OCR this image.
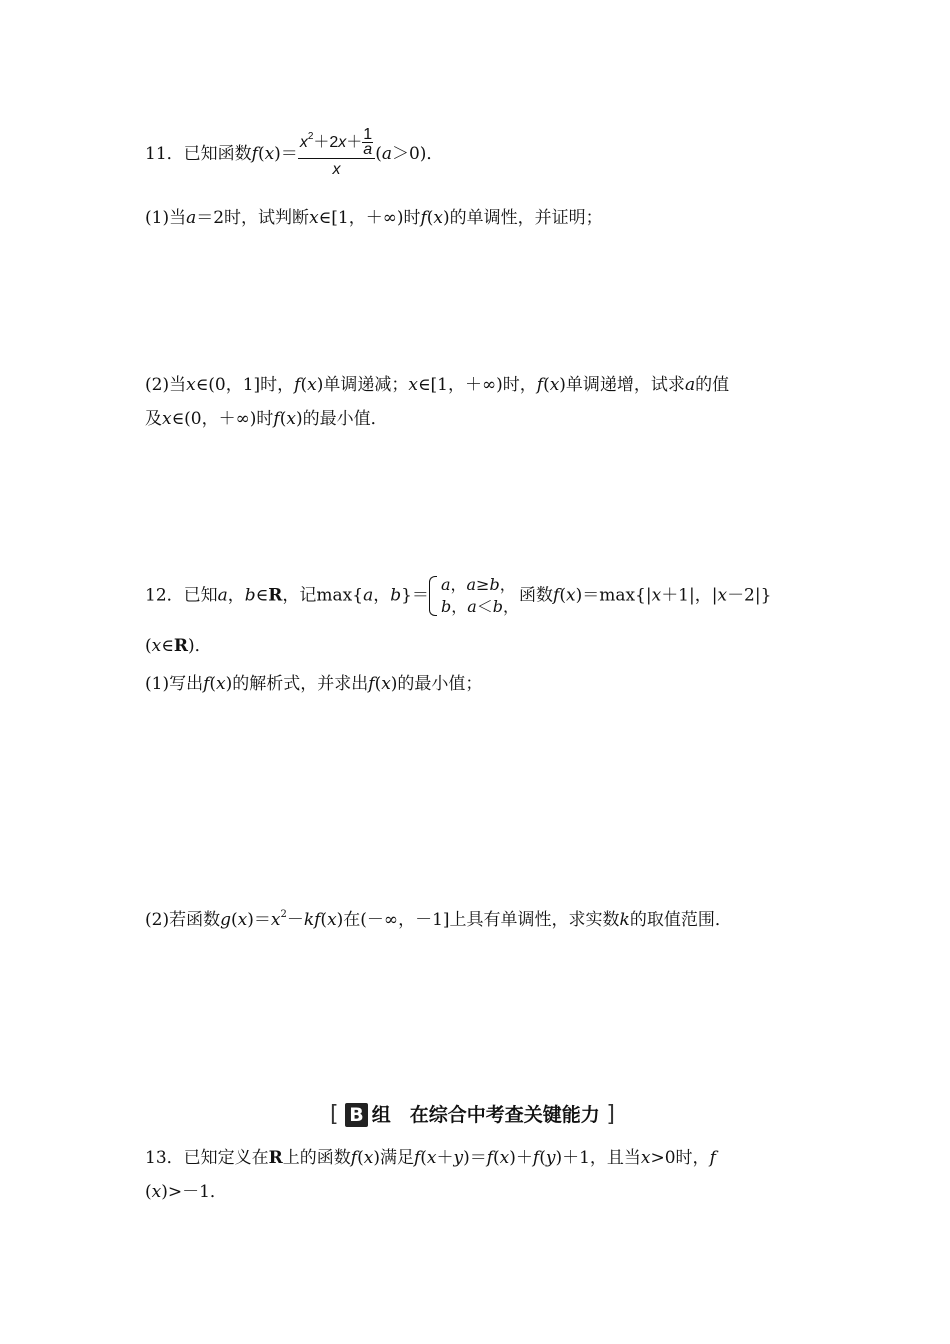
11．已知函数$f(x)= \frac{x^2+2x+ \frac{1}{a}}{x} (a>0)$．
(1)当a＝2时，试判断x∈[1，＋∞)时f(x)的单调性，并证明；
(2)当x∈(0，1]时，f(x)单调递减；x∈[1，＋∞)时，f(x)单调递增，试求a的值
及x∈(0，＋∞)时f(x)的最小值．
12．已知a，b∈R，记max{a，b}＝
a，a≥b，
b，a＜b，
函数f(x)＝max{|x＋1|，|x－2|}
(x∈R)．
(1)写出f(x)的解析式，并求出f(x)的最小值；
(2)若函数$g(x)=x^2-kf(x)$在(－∞，－1]上具有单调性，求实数k的取值范围．
[ B 组　在综合中考查关键能力 ]
13．已知定义在R上的函数f(x)满足f(x＋y)＝f(x)＋f(y)＋1，且当x>0时，f
(x)>－1．
